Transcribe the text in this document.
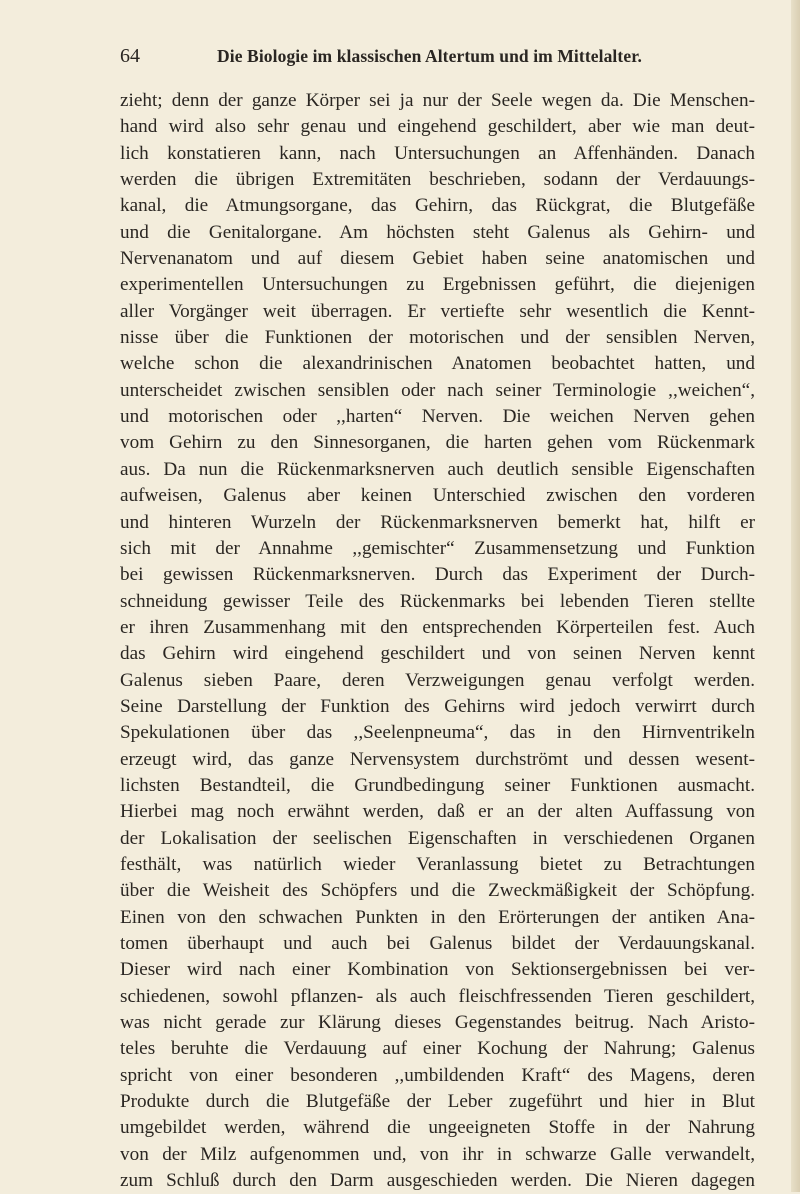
64	Die Biologie im klassischen Altertum und im Mittelalter.
zieht; denn der ganze Körper sei ja nur der Seele wegen da. Die Menschen-
hand wird also sehr genau und eingehend geschildert, aber wie man deut-
lich konstatieren kann, nach Untersuchungen an Affenhänden. Danach
werden die übrigen Extremitäten beschrieben, sodann der Verdauungs-
kanal, die Atmungsorgane, das Gehirn, das Rückgrat, die Blutgefäße
und die Genitalorgane. Am höchsten steht Galenus als Gehirn- und
Nervenanatom und auf diesem Gebiet haben seine anatomischen und
experimentellen Untersuchungen zu Ergebnissen geführt, die diejenigen
aller Vorgänger weit überragen. Er vertiefte sehr wesentlich die Kennt-
nisse über die Funktionen der motorischen und der sensiblen Nerven,
welche schon die alexandrinischen Anatomen beobachtet hatten, und
unterscheidet zwischen sensiblen oder nach seiner Terminologie ,,weichen“,
und motorischen oder ,,harten“ Nerven. Die weichen Nerven gehen
vom Gehirn zu den Sinnesorganen, die harten gehen vom Rückenmark
aus. Da nun die Rückenmarksnerven auch deutlich sensible Eigenschaften
aufweisen, Galenus aber keinen Unterschied zwischen den vorderen
und hinteren Wurzeln der Rückenmarksnerven bemerkt hat, hilft er
sich mit der Annahme ,,gemischter“ Zusammensetzung und Funktion
bei gewissen Rückenmarksnerven. Durch das Experiment der Durch-
schneidung gewisser Teile des Rückenmarks bei lebenden Tieren stellte
er ihren Zusammenhang mit den entsprechenden Körperteilen fest. Auch
das Gehirn wird eingehend geschildert und von seinen Nerven kennt
Galenus sieben Paare, deren Verzweigungen genau verfolgt werden.
Seine Darstellung der Funktion des Gehirns wird jedoch verwirrt durch
Spekulationen über das ,,Seelenpneuma“, das in den Hirnventrikeln
erzeugt wird, das ganze Nervensystem durchströmt und dessen wesent-
lichsten Bestandteil, die Grundbedingung seiner Funktionen ausmacht.
Hierbei mag noch erwähnt werden, daß er an der alten Auffassung von
der Lokalisation der seelischen Eigenschaften in verschiedenen Organen
festhält, was natürlich wieder Veranlassung bietet zu Betrachtungen
über die Weisheit des Schöpfers und die Zweckmäßigkeit der Schöpfung.
Einen von den schwachen Punkten in den Erörterungen der antiken Ana-
tomen überhaupt und auch bei Galenus bildet der Verdauungskanal.
Dieser wird nach einer Kombination von Sektionsergebnissen bei ver-
schiedenen, sowohl pflanzen- als auch fleischfressenden Tieren geschildert,
was nicht gerade zur Klärung dieses Gegenstandes beitrug. Nach Aristo-
teles beruhte die Verdauung auf einer Kochung der Nahrung; Galenus
spricht von einer besonderen ,,umbildenden Kraft“ des Magens, deren
Produkte durch die Blutgefäße der Leber zugeführt und hier in Blut
umgebildet werden, während die ungeeigneten Stoffe in der Nahrung
von der Milz aufgenommen und, von ihr in schwarze Galle verwandelt,
zum Schluß durch den Darm ausgeschieden werden. Die Nieren dagegen
